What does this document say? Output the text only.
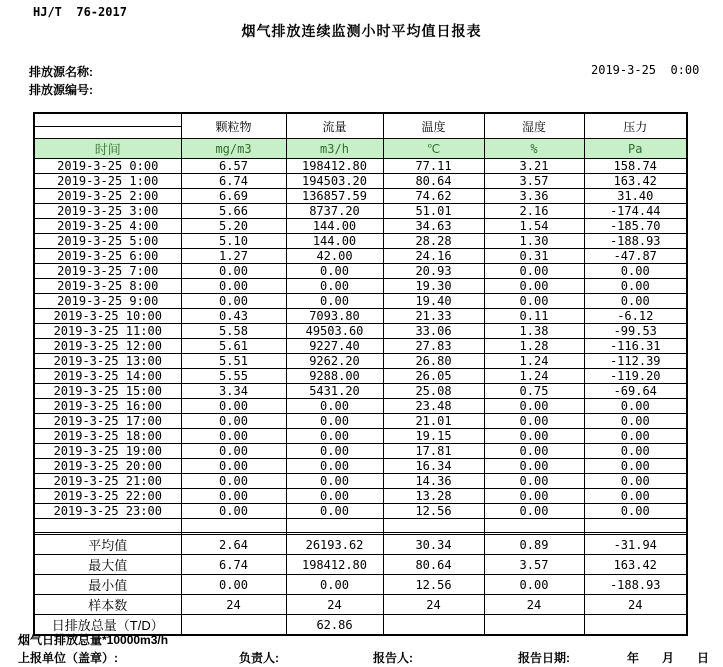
HJ/T  76-2017
烟气排放连续监测小时平均值日报表
排放源名称:
排放源编号:
2019-3-25  0:00
	颗粒物	流量	温度	湿度	压力

时间	mg/m3	m3/h	℃	%	Pa
2019-3-25 0:00	6.57	198412.80	77.11	3.21	158.74
2019-3-25 1:00	6.74	194503.20	80.64	3.57	163.42
2019-3-25 2:00	6.69	136857.59	74.62	3.36	31.40
2019-3-25 3:00	5.66	8737.20	51.01	2.16	-174.44
2019-3-25 4:00	5.20	144.00	34.63	1.54	-185.70
2019-3-25 5:00	5.10	144.00	28.28	1.30	-188.93
2019-3-25 6:00	1.27	42.00	24.16	0.31	-47.87
2019-3-25 7:00	0.00	0.00	20.93	0.00	0.00
2019-3-25 8:00	0.00	0.00	19.30	0.00	0.00
2019-3-25 9:00	0.00	0.00	19.40	0.00	0.00
2019-3-25 10:00	0.43	7093.80	21.33	0.11	-6.12
2019-3-25 11:00	5.58	49503.60	33.06	1.38	-99.53
2019-3-25 12:00	5.61	9227.40	27.83	1.28	-116.31
2019-3-25 13:00	5.51	9262.20	26.80	1.24	-112.39
2019-3-25 14:00	5.55	9288.00	26.05	1.24	-119.20
2019-3-25 15:00	3.34	5431.20	25.08	0.75	-69.64
2019-3-25 16:00	0.00	0.00	23.48	0.00	0.00
2019-3-25 17:00	0.00	0.00	21.01	0.00	0.00
2019-3-25 18:00	0.00	0.00	19.15	0.00	0.00
2019-3-25 19:00	0.00	0.00	17.81	0.00	0.00
2019-3-25 20:00	0.00	0.00	16.34	0.00	0.00
2019-3-25 21:00	0.00	0.00	14.36	0.00	0.00
2019-3-25 22:00	0.00	0.00	13.28	0.00	0.00
2019-3-25 23:00	0.00	0.00	12.56	0.00	0.00

平均值	2.64	26193.62	30.34	0.89	-31.94
最大值	6.74	198412.80	80.64	3.57	163.42
最小值	0.00	0.00	12.56	0.00	-188.93
样本数	24	24	24	24	24
日排放总量（T/D）		62.86			
烟气日排放总量*10000m3/h
上报单位（盖章）:	负责人:	报告人:	报告日期:	年 月 日
